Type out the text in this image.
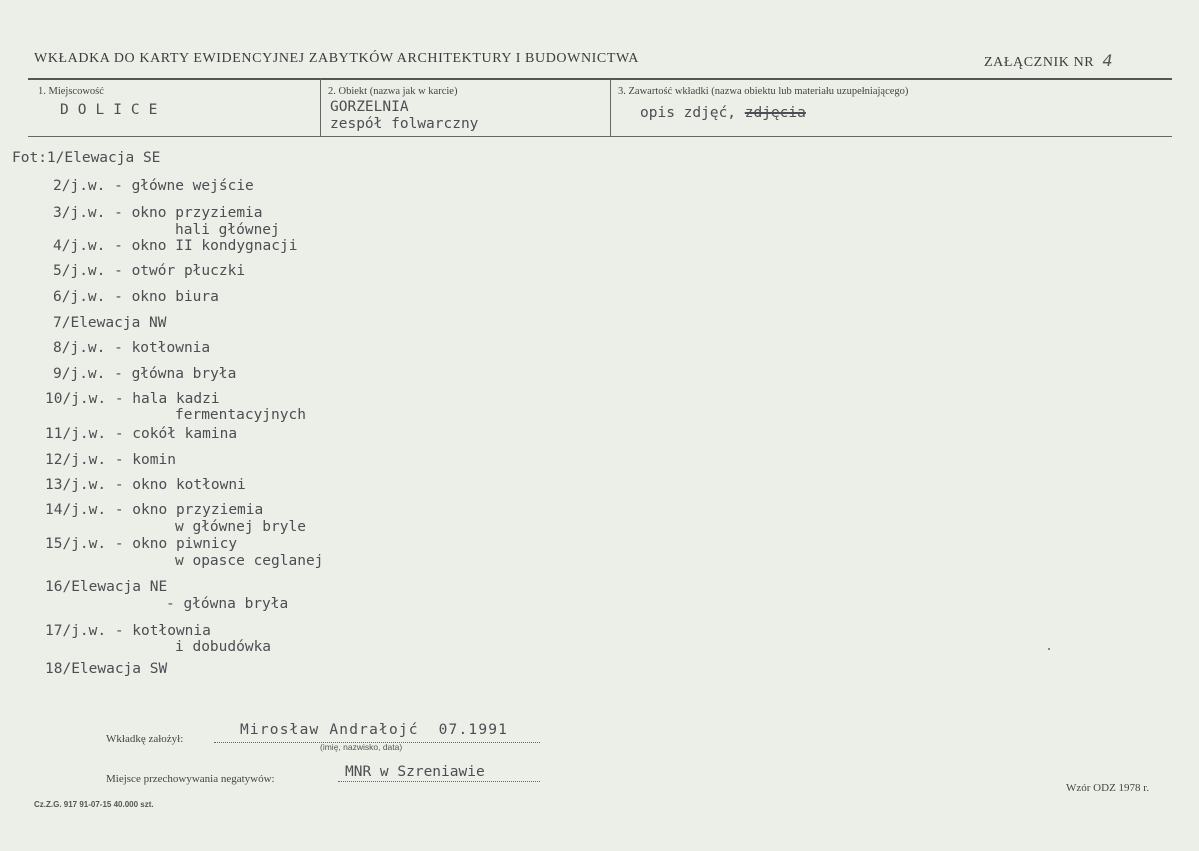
WKŁADKA DO KARTY EWIDENCYJNEJ ZABYTKÓW ARCHITEKTURY I BUDOWNICTWA	ZAŁĄCZNIK NR 4
1. Miejscowość
DOLICE
2. Obiekt (nazwa jak w karcie)
GORZELNIA
zespół folwarczny
3. Zawartość wkładki (nazwa obiektu lub materiału uzupełniającego)
opis zdjęć, zdjęcia
Fot:1/Elewacja SE
2/j.w. - główne wejście
3/j.w. - okno przyziemia
hali głównej
4/j.w. - okno II kondygnacji
5/j.w. - otwór płuczki
6/j.w. - okno biura
7/Elewacja NW
8/j.w. - kotłownia
9/j.w. - główna bryła
10/j.w. - hala kadzi
fermentacyjnych
11/j.w. - cokół kamina
12/j.w. - komin
13/j.w. - okno kotłowni
14/j.w. - okno przyziemia
w głównej bryle
15/j.w. - okno piwnicy
w opasce ceglanej
16/Elewacja NE
- główna bryła
17/j.w. - kotłownia
i dobudówka
18/Elewacja SW
Wkładkę założył:
Mirosław Andrałojć  07.1991
(imię, nazwisko, data)
Miejsce przechowywania negatywów:	MNR w Szreniawie
Wzór ODZ 1978 r.
Cz.Z.G. 917 91-07-15 40.000 szt.
